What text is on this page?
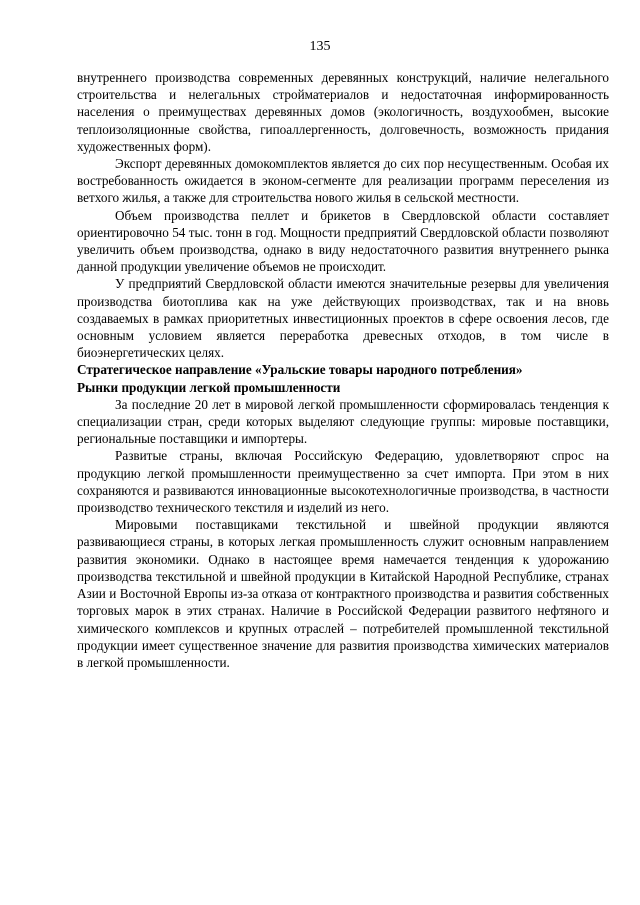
135

внутреннего производства современных деревянных конструкций, наличие нелегального строительства и нелегальных стройматериалов и недостаточная информированность населения о преимуществах деревянных домов (экологичность, воздухообмен, высокие теплоизоляционные свойства, гипоаллергенность, долговечность, возможность придания художественных форм).

Экспорт деревянных домокомплектов является до сих пор несущественным. Особая их востребованность ожидается в эконом-сегменте для реализации программ переселения из ветхого жилья, а также для строительства нового жилья в сельской местности.

Объем производства пеллет и брикетов в Свердловской области составляет ориентировочно 54 тыс. тонн в год. Мощности предприятий Свердловской области позволяют увеличить объем производства, однако в виду недостаточного развития внутреннего рынка данной продукции увеличение объемов не происходит.

У предприятий Свердловской области имеются значительные резервы для увеличения производства биотоплива как на уже действующих производствах, так и на вновь создаваемых в рамках приоритетных инвестиционных проектов в сфере освоения лесов, где основным условием является переработка древесных отходов, в том числе в биоэнергетических целях.

Стратегическое направление «Уральские товары народного потребления»

Рынки продукции легкой промышленности

За последние 20 лет в мировой легкой промышленности сформировалась тенденция к специализации стран, среди которых выделяют следующие группы: мировые поставщики, региональные поставщики и импортеры.

Развитые страны, включая Российскую Федерацию, удовлетворяют спрос на продукцию легкой промышленности преимущественно за счет импорта. При этом в них сохраняются и развиваются инновационные высокотехнологичные производства, в частности производство технического текстиля и изделий из него.

Мировыми поставщиками текстильной и швейной продукции являются развивающиеся страны, в которых легкая промышленность служит основным направлением развития экономики. Однако в настоящее время намечается тенденция к удорожанию производства текстильной и швейной продукции в Китайской Народной Республике, странах Азии и Восточной Европы из-за отказа от контрактного производства и развития собственных торговых марок в этих странах. Наличие в Российской Федерации развитого нефтяного и химического комплексов и крупных отраслей – потребителей промышленной текстильной продукции имеет существенное значение для развития производства химических материалов в легкой промышленности.
